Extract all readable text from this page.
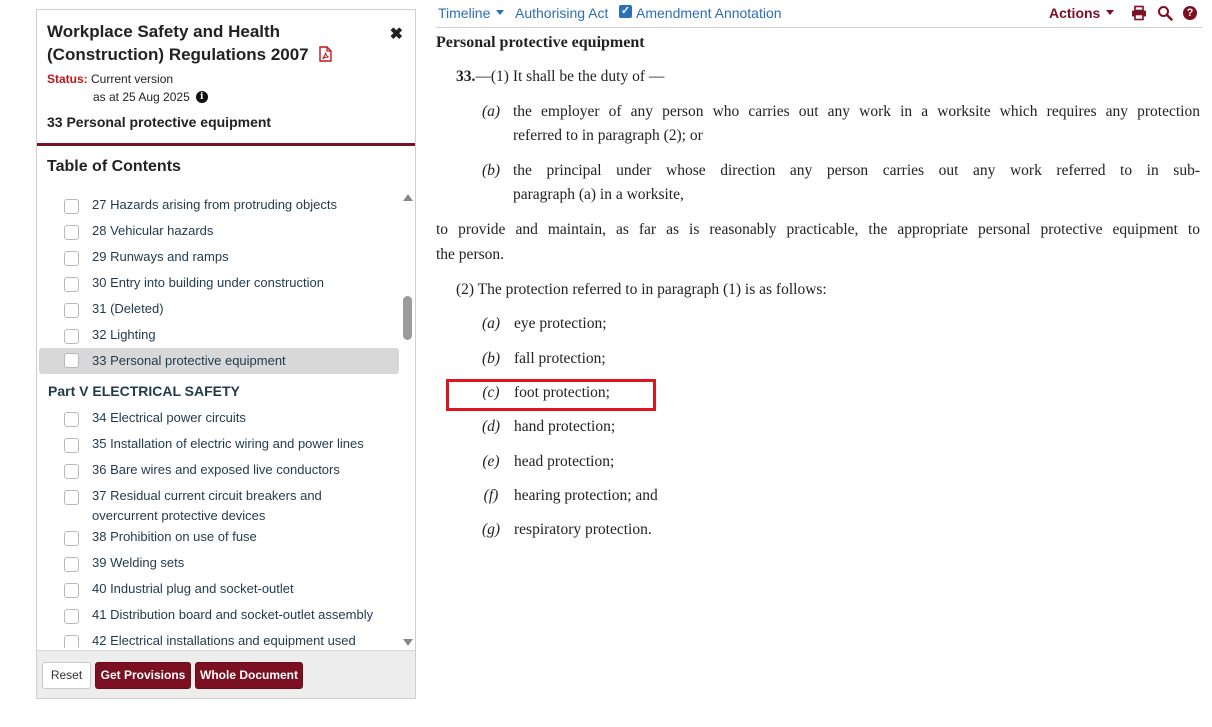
Workplace Safety and Health (Construction) Regulations 2007
✖
Status: Current version
as at 25 Aug 2025	i
33 Personal protective equipment
Table of Contents
27 Hazards arising from protruding objects
28 Vehicular hazards
29 Runways and ramps
30 Entry into building under construction
31 (Deleted)
32 Lighting
33 Personal protective equipment
Part V ELECTRICAL SAFETY
34 Electrical power circuits
35 Installation of electric wiring and power lines
36 Bare wires and exposed live conductors
37 Residual current circuit breakers and overcurrent protective devices
38 Prohibition on use of fuse
39 Welding sets
40 Industrial plug and socket-outlet
41 Distribution board and socket-outlet assembly
42 Electrical installations and equipment used
Reset	Get Provisions	Whole Document
Timeline	Authorising Act ✓ Amendment Annotation	Actions	?
Personal protective equipment
33.—(1) It shall be the duty of —
(a) the employer of any person who carries out any work in a worksite which requires any protection
referred to in paragraph (2); or
(b) the principal under whose direction any person carries out any work referred to in sub-
paragraph (a) in a worksite,
to provide and maintain, as far as is reasonably practicable, the appropriate personal protective equipment to
the person.
(2) The protection referred to in paragraph (1) is as follows:
(a) eye protection;
(b) fall protection;
(c) foot protection;
(d) hand protection;
(e) head protection;
(f)	hearing protection; and
(g) respiratory protection.
